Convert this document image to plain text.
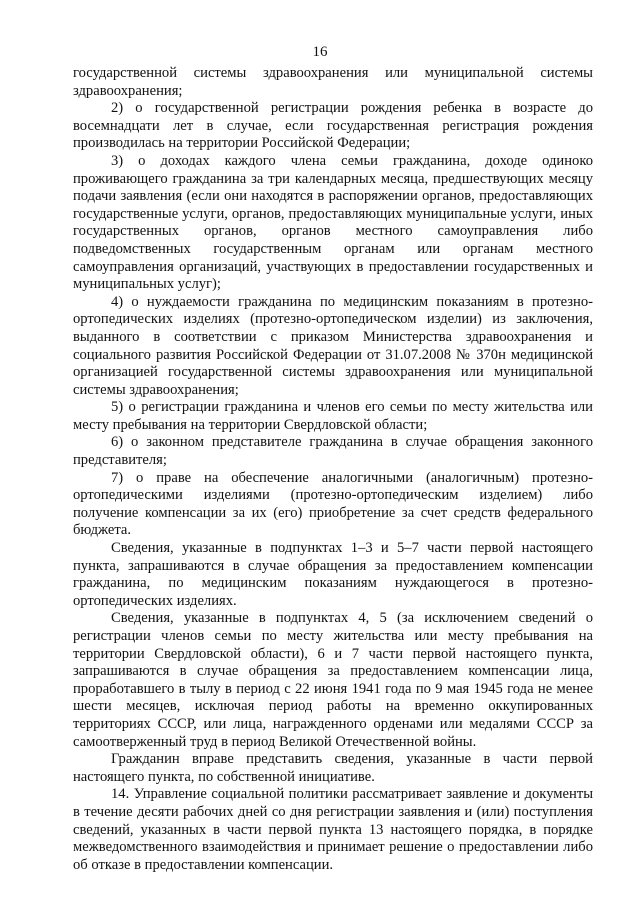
16

государственной системы здравоохранения или муниципальной системы здравоохранения;

2) о государственной регистрации рождения ребенка в возрасте до восемнадцати лет в случае, если государственная регистрация рождения производилась на территории Российской Федерации;

3) о доходах каждого члена семьи гражданина, доходе одиноко проживающего гражданина за три календарных месяца, предшествующих месяцу подачи заявления (если они находятся в распоряжении органов, предоставляющих государственные услуги, органов, предоставляющих муниципальные услуги, иных государственных органов, органов местного самоуправления либо подведомственных государственным органам или органам местного самоуправления организаций, участвующих в предоставлении государственных и муниципальных услуг);

4) о нуждаемости гражданина по медицинским показаниям в протезно-ортопедических изделиях (протезно-ортопедическом изделии) из заключения, выданного в соответствии с приказом Министерства здравоохранения и социального развития Российской Федерации от 31.07.2008 № 370н медицинской организацией государственной системы здравоохранения или муниципальной системы здравоохранения;

5) о регистрации гражданина и членов его семьи по месту жительства или месту пребывания на территории Свердловской области;

6) о законном представителе гражданина в случае обращения законного представителя;

7) о праве на обеспечение аналогичными (аналогичным) протезно-ортопедическими изделиями (протезно-ортопедическим изделием) либо получение компенсации за их (его) приобретение за счет средств федерального бюджета.

Сведения, указанные в подпунктах 1–3 и 5–7 части первой настоящего пункта, запрашиваются в случае обращения за предоставлением компенсации гражданина, по медицинским показаниям нуждающегося в протезно-ортопедических изделиях.

Сведения, указанные в подпунктах 4, 5 (за исключением сведений о регистрации членов семьи по месту жительства или месту пребывания на территории Свердловской области), 6 и 7 части первой настоящего пункта, запрашиваются в случае обращения за предоставлением компенсации лица, проработавшего в тылу в период с 22 июня 1941 года по 9 мая 1945 года не менее шести месяцев, исключая период работы на временно оккупированных территориях СССР, или лица, награжденного орденами или медалями СССР за самоотверженный труд в период Великой Отечественной войны.

Гражданин вправе представить сведения, указанные в части первой настоящего пункта, по собственной инициативе.

14. Управление социальной политики рассматривает заявление и документы в течение десяти рабочих дней со дня регистрации заявления и (или) поступления сведений, указанных в части первой пункта 13 настоящего порядка, в порядке межведомственного взаимодействия и принимает решение о предоставлении либо об отказе в предоставлении компенсации.
